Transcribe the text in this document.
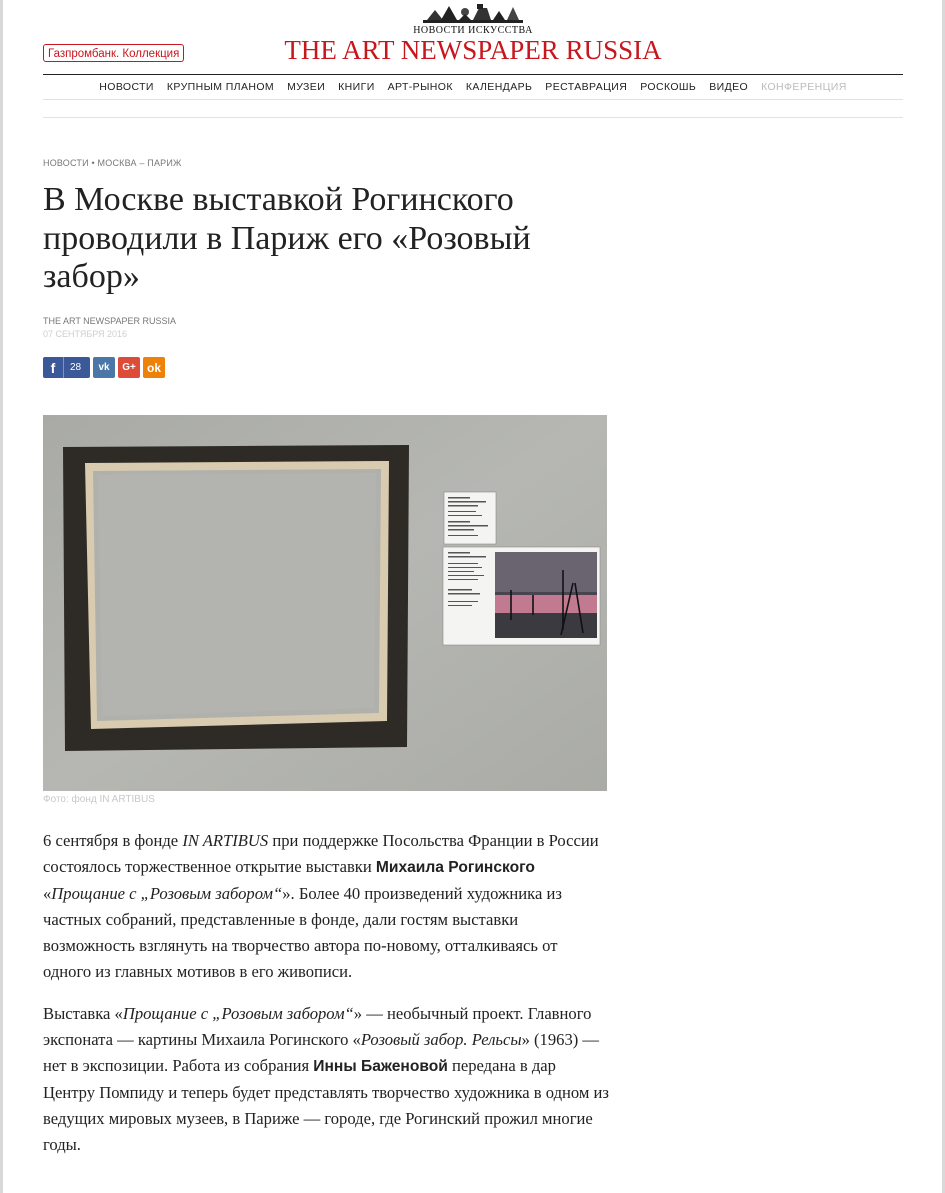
Газпромбанк. Коллекция
НОВОСТИ ИСКУССТВА
THE ART NEWSPAPER RUSSIA
НОВОСТИ	КРУПНЫМ ПЛАНОМ	МУЗЕИ	КНИГИ	АРТ-РЫНОК	КАЛЕНДАРЬ	РЕСТАВРАЦИЯ	РОСКОШЬ	ВИДЕО	КОНФЕРЕНЦИЯ
НОВОСТИ • МОСКВА – ПАРИЖ
В Москве выставкой Рогинского проводили в Париж его «Розовый забор»
THE ART NEWSPAPER RUSSIA
07 СЕНТЯБРЯ 2016
f	28 vk G+ ok
Фото: фонд IN ARTIBUS

6 сентября в фонде IN ARTIBUS при поддержке Посольства Франции в России состоялось торжественное открытие выставки Михаила Рогинского «Прощание с „Розовым забором“». Более 40 произведений художника из частных собраний, представленные в фонде, дали гостям выставки возможность взглянуть на творчество автора по-новому, отталкиваясь от одного из главных мотивов в его живописи.

Выставка «Прощание с „Розовым забором“» — необычный проект. Главного экспоната — картины Михаила Рогинского «Розовый забор. Рельсы» (1963) — нет в экспозиции. Работа из собрания Инны Баженовой передана в дар Центру Помпиду и теперь будет представлять творчество художника в одном из ведущих мировых музеев, в Париже — городе, где Рогинский прожил многие годы.
